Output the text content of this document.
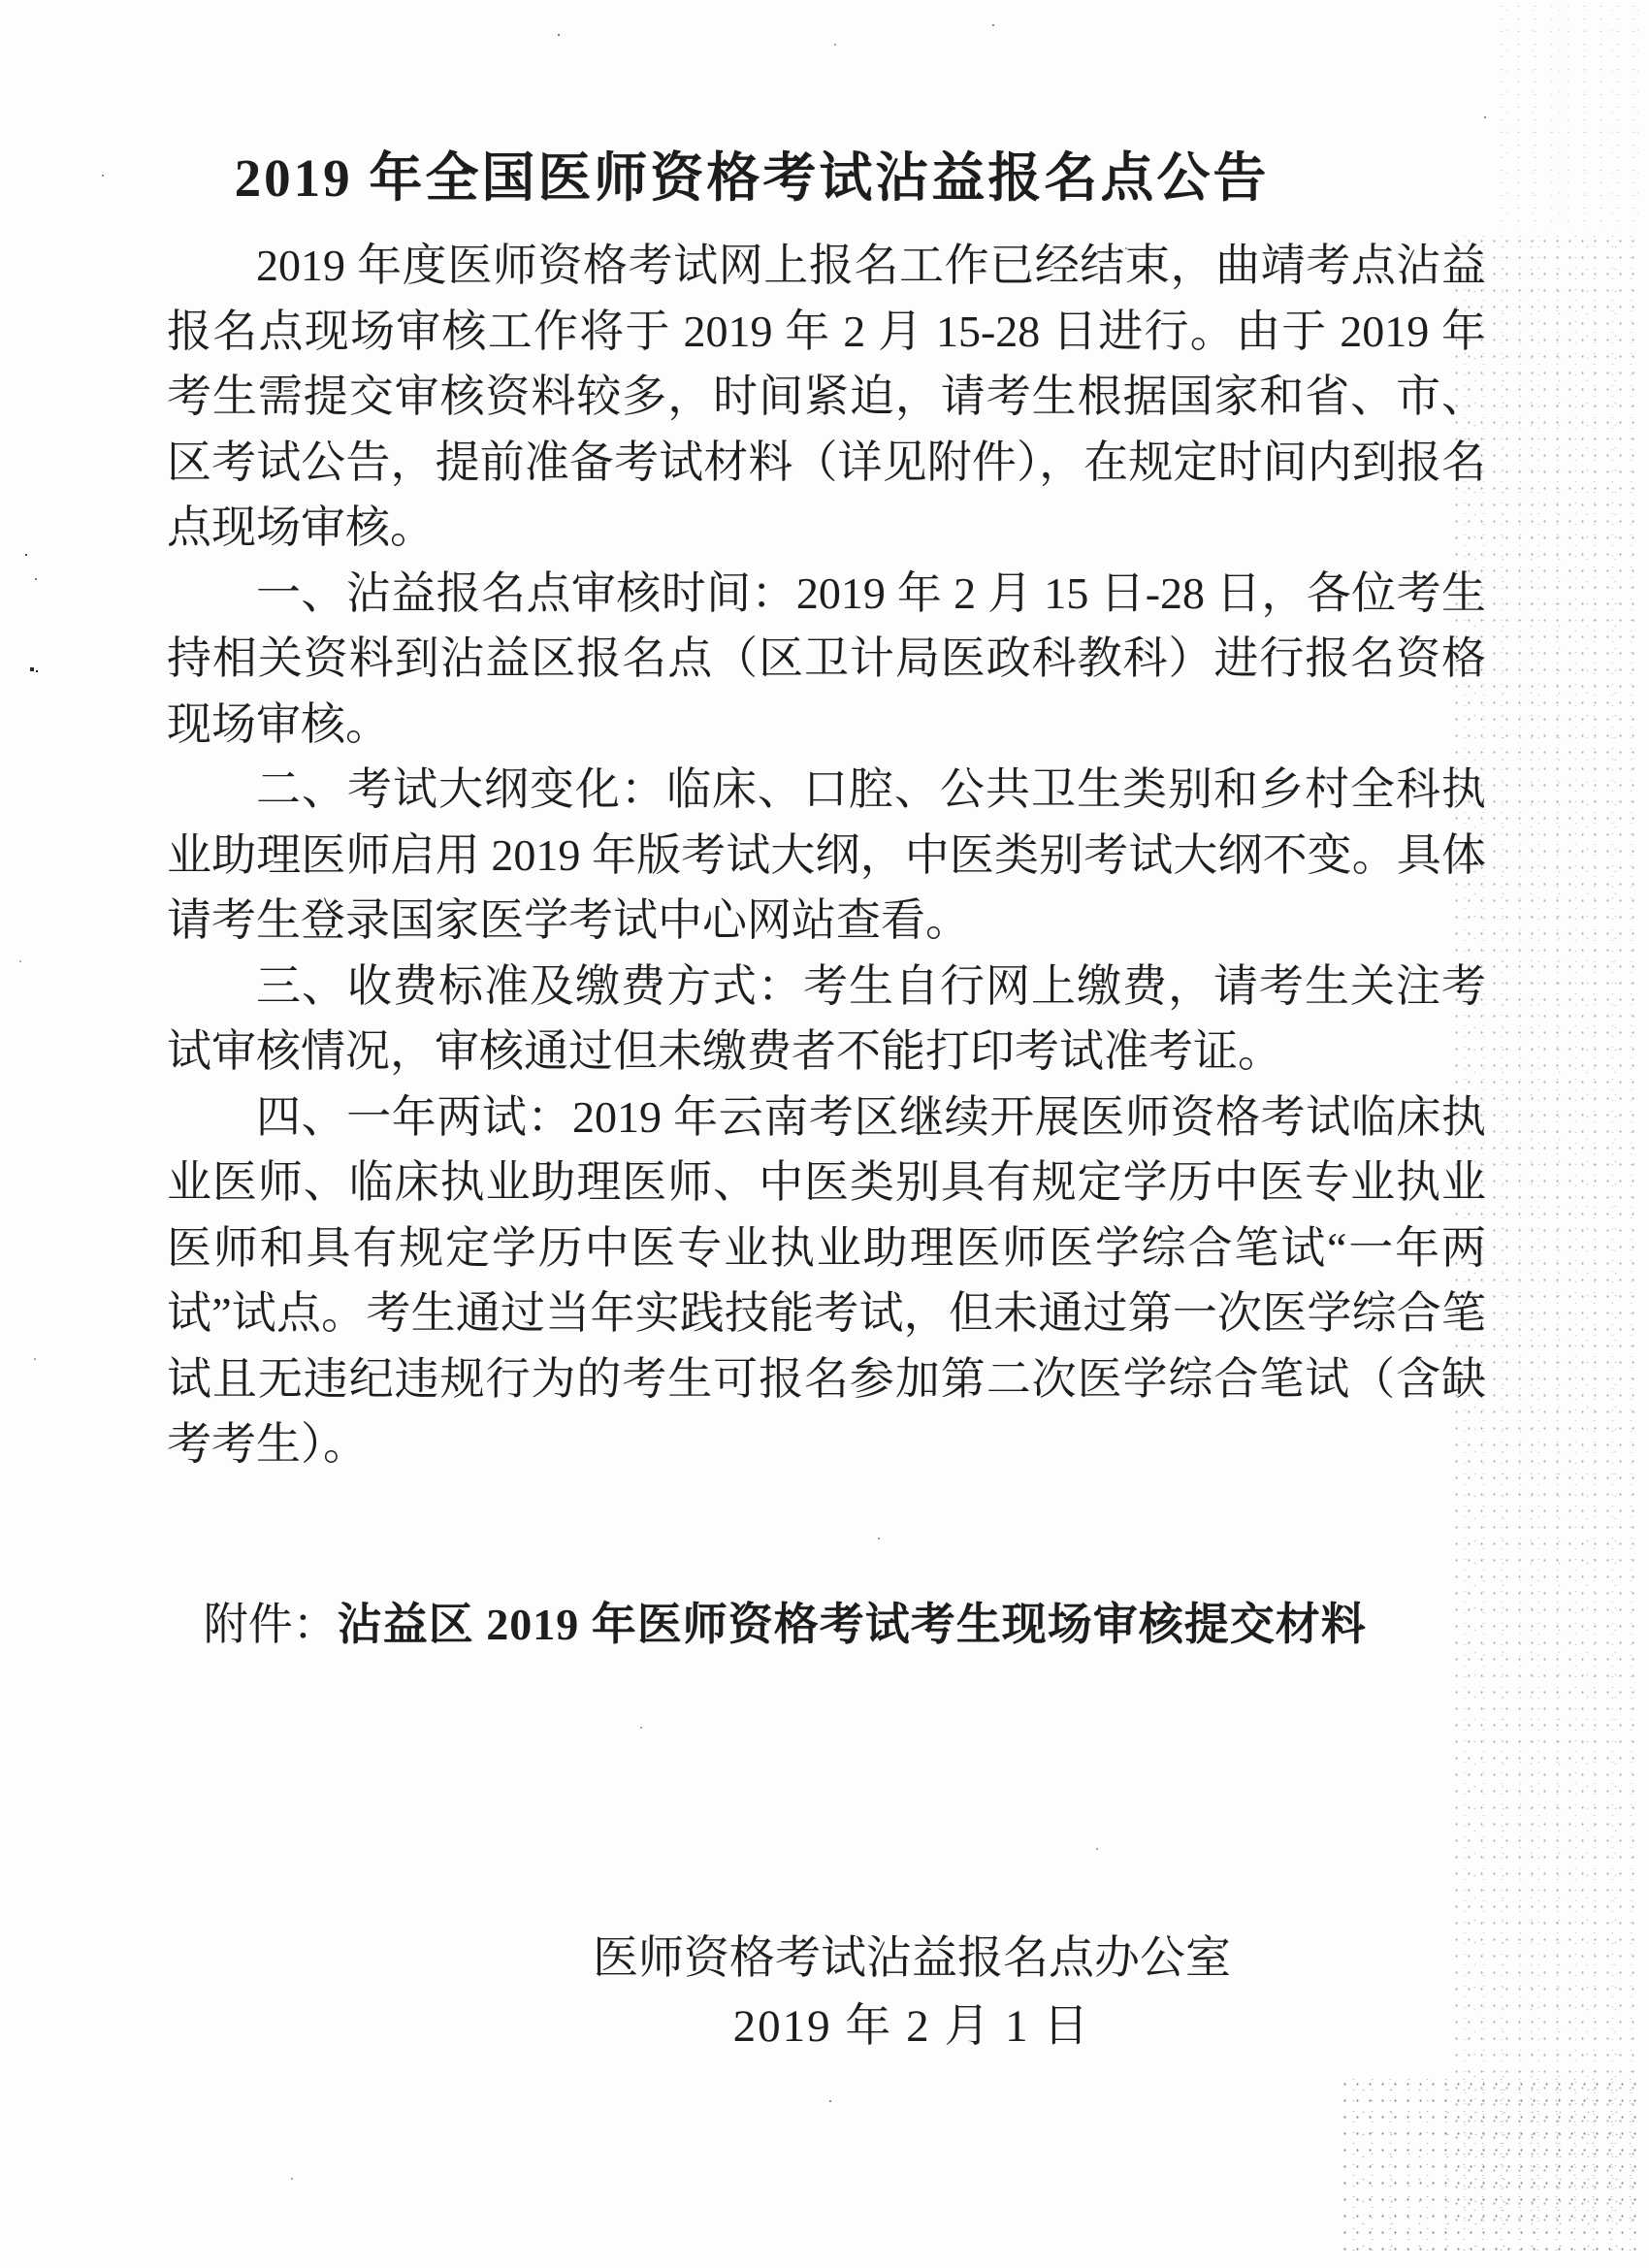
2019 年全国医师资格考试沾益报名点公告

2019 年度医师资格考试网上报名工作已经结束，曲靖考点沾益报名点现场审核工作将于 2019 年 2 月 15-28 日进行。由于 2019 年考生需提交审核资料较多，时间紧迫，请考生根据国家和省、市、区考试公告，提前准备考试材料（详见附件），在规定时间内到报名点现场审核。

一、沾益报名点审核时间：2019 年 2 月 15 日-28 日，各位考生持相关资料到沾益区报名点（区卫计局医政科教科）进行报名资格现场审核。

二、考试大纲变化：临床、口腔、公共卫生类别和乡村全科执业助理医师启用 2019 年版考试大纲，中医类别考试大纲不变。具体请考生登录国家医学考试中心网站查看。

三、收费标准及缴费方式：考生自行网上缴费，请考生关注考试审核情况，审核通过但未缴费者不能打印考试准考证。

四、一年两试：2019 年云南考区继续开展医师资格考试临床执业医师、临床执业助理医师、中医类别具有规定学历中医专业执业医师和具有规定学历中医专业执业助理医师医学综合笔试“一年两试”试点。考生通过当年实践技能考试，但未通过第一次医学综合笔试且无违纪违规行为的考生可报名参加第二次医学综合笔试（含缺考考生）。

附件：沾益区 2019 年医师资格考试考生现场审核提交材料

医师资格考试沾益报名点办公室
2019 年 2 月 1 日
